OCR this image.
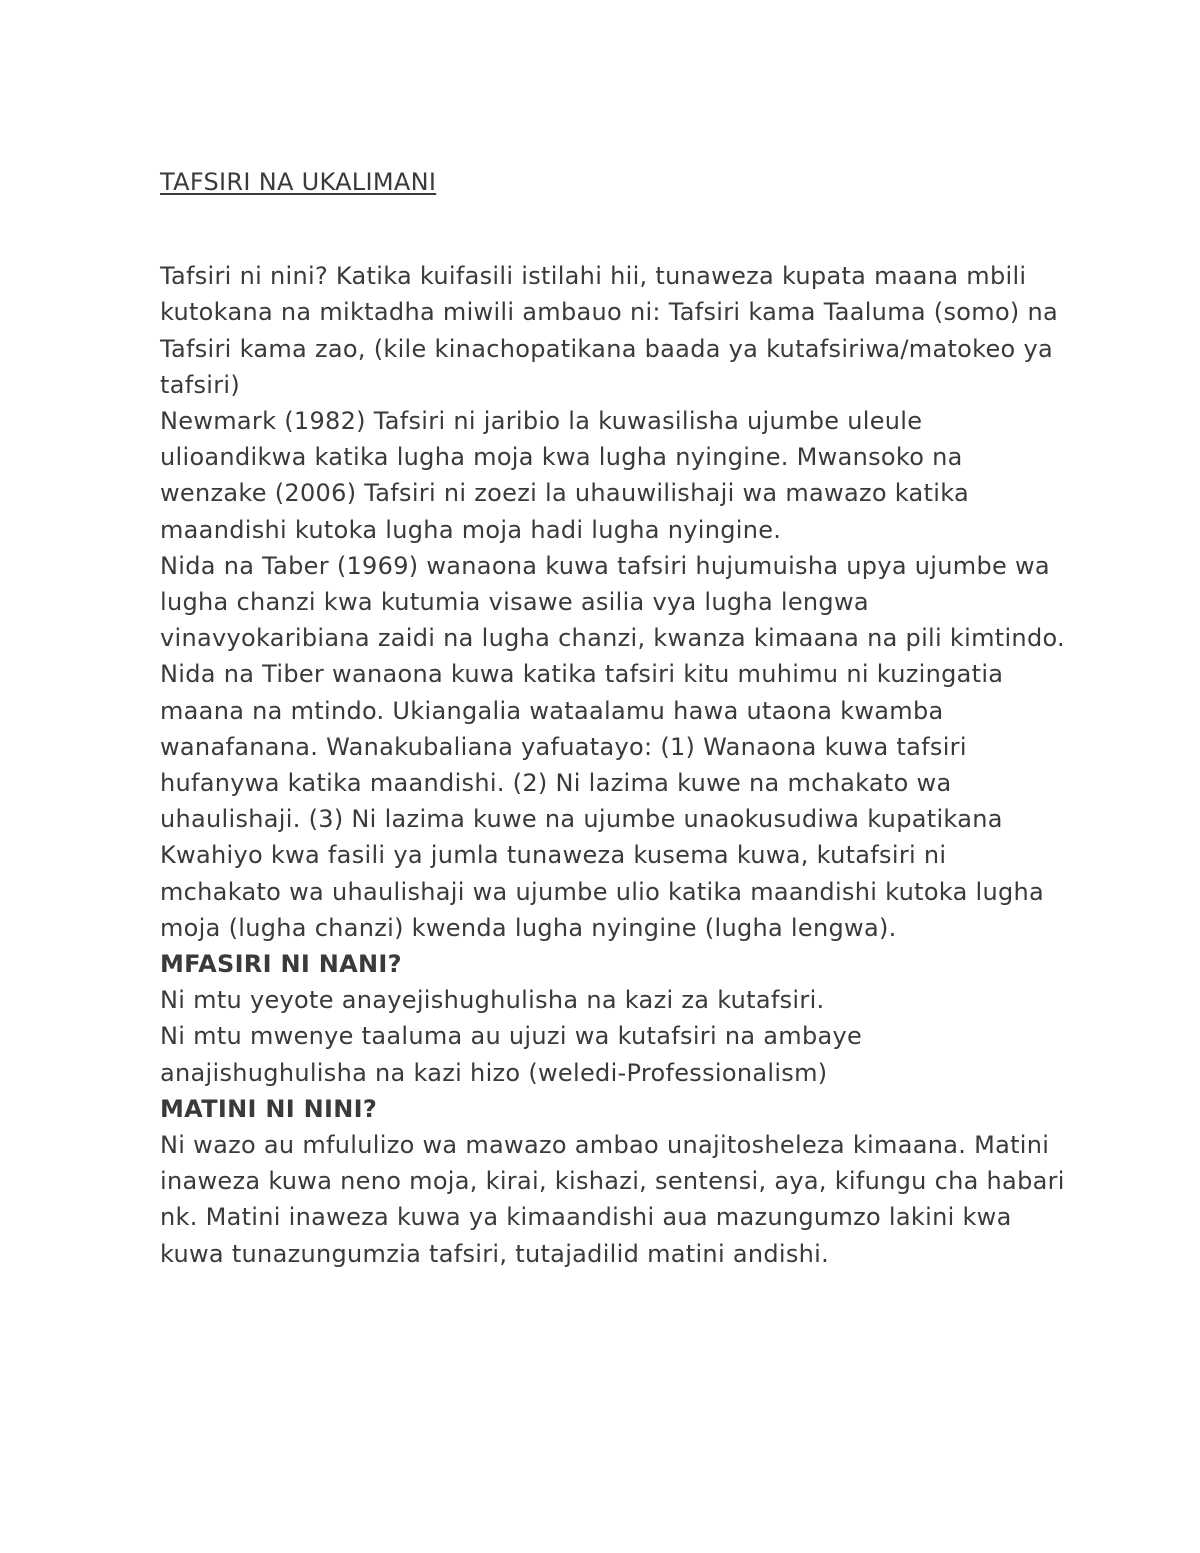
TAFSIRI NA UKALIMANI

Tafsiri ni nini? Katika kuifasili istilahi hii, tunaweza kupata maana mbili kutokana na miktadha miwili ambauo ni: Tafsiri kama Taaluma (somo) na Tafsiri kama zao, (kile kinachopatikana baada ya kutafsiriwa/matokeo ya tafsiri)

Newmark (1982) Tafsiri ni jaribio la kuwasilisha ujumbe uleule ulioandikwa katika lugha moja kwa lugha nyingine. Mwansoko na wenzake (2006) Tafsiri ni zoezi la uhauwilishaji wa mawazo katika maandishi kutoka lugha moja hadi lugha nyingine.

Nida na Taber (1969) wanaona kuwa tafsiri hujumuisha upya ujumbe wa lugha chanzi kwa kutumia visawe asilia vya lugha lengwa vinavyokaribiana zaidi na lugha chanzi, kwanza kimaana na pili kimtindo.

Nida na Tiber wanaona kuwa katika tafsiri kitu muhimu ni kuzingatia maana na mtindo. Ukiangalia wataalamu hawa utaona kwamba wanafanana. Wanakubaliana yafuatayo: (1) Wanaona kuwa tafsiri hufanywa katika maandishi. (2) Ni lazima kuwe na mchakato wa uhaulishaji. (3) Ni lazima kuwe na ujumbe unaokusudiwa kupatikana

Kwahiyo kwa fasili ya jumla tunaweza kusema kuwa, kutafsiri ni mchakato wa uhaulishaji wa ujumbe ulio katika maandishi kutoka lugha moja (lugha chanzi) kwenda lugha nyingine (lugha lengwa).

MFASIRI NI NANI?

Ni mtu yeyote anayejishughulisha na kazi za kutafsiri.

Ni mtu mwenye taaluma au ujuzi wa kutafsiri na ambaye anajishughulisha na kazi hizo (weledi-Professionalism)

MATINI NI NINI?

Ni wazo au mfululizo wa mawazo ambao unajitosheleza kimaana. Matini inaweza kuwa neno moja, kirai, kishazi, sentensi, aya, kifungu cha habari nk. Matini inaweza kuwa ya kimaandishi aua mazungumzo lakini kwa kuwa tunazungumzia tafsiri, tutajadilid matini andishi.
